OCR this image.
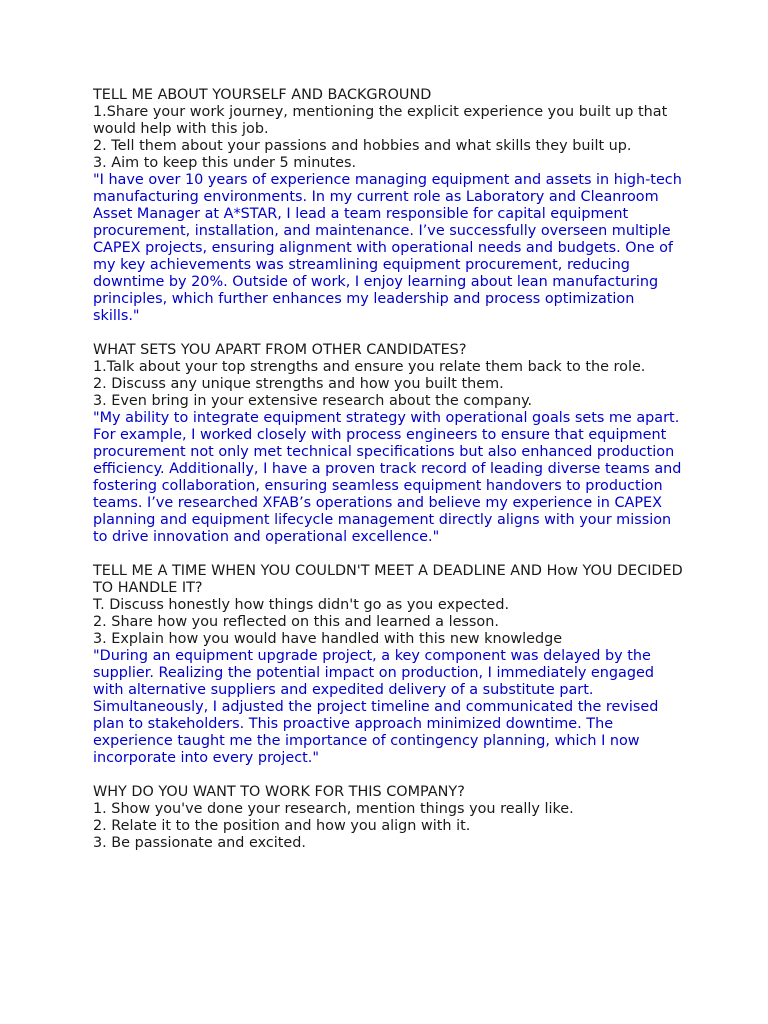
TELL ME ABOUT YOURSELF AND BACKGROUND

1.Share your work journey, mentioning the explicit experience you built up that would help with this job.

2. Tell them about your passions and hobbies and what skills they built up.

3. Aim to keep this under 5 minutes.

"I have over 10 years of experience managing equipment and assets in high-tech manufacturing environments. In my current role as Laboratory and Cleanroom Asset Manager at A*STAR, I lead a team responsible for capital equipment procurement, installation, and maintenance. I’ve successfully overseen multiple CAPEX projects, ensuring alignment with operational needs and budgets. One of my key achievements was streamlining equipment procurement, reducing downtime by 20%. Outside of work, I enjoy learning about lean manufacturing principles, which further enhances my leadership and process optimization skills."

WHAT SETS YOU APART FROM OTHER CANDIDATES?

1.Talk about your top strengths and ensure you relate them back to the role.

2. Discuss any unique strengths and how you built them.

3. Even bring in your extensive research about the company.

"My ability to integrate equipment strategy with operational goals sets me apart. For example, I worked closely with process engineers to ensure that equipment procurement not only met technical specifications but also enhanced production efficiency. Additionally, I have a proven track record of leading diverse teams and fostering collaboration, ensuring seamless equipment handovers to production teams. I’ve researched XFAB’s operations and believe my experience in CAPEX planning and equipment lifecycle management directly aligns with your mission to drive innovation and operational excellence."

TELL ME A TIME WHEN YOU COULDN'T MEET A DEADLINE AND How YOU DECIDED TO HANDLE IT?

T. Discuss honestly how things didn't go as you expected.

2. Share how you reflected on this and learned a lesson.

3. Explain how you would have handled with this new knowledge

"During an equipment upgrade project, a key component was delayed by the supplier. Realizing the potential impact on production, I immediately engaged with alternative suppliers and expedited delivery of a substitute part. Simultaneously, I adjusted the project timeline and communicated the revised plan to stakeholders. This proactive approach minimized downtime. The experience taught me the importance of contingency planning, which I now incorporate into every project."

WHY DO YOU WANT TO WORK FOR THIS COMPANY?

1. Show you've done your research, mention things you really like.

2. Relate it to the position and how you align with it.

3. Be passionate and excited.
